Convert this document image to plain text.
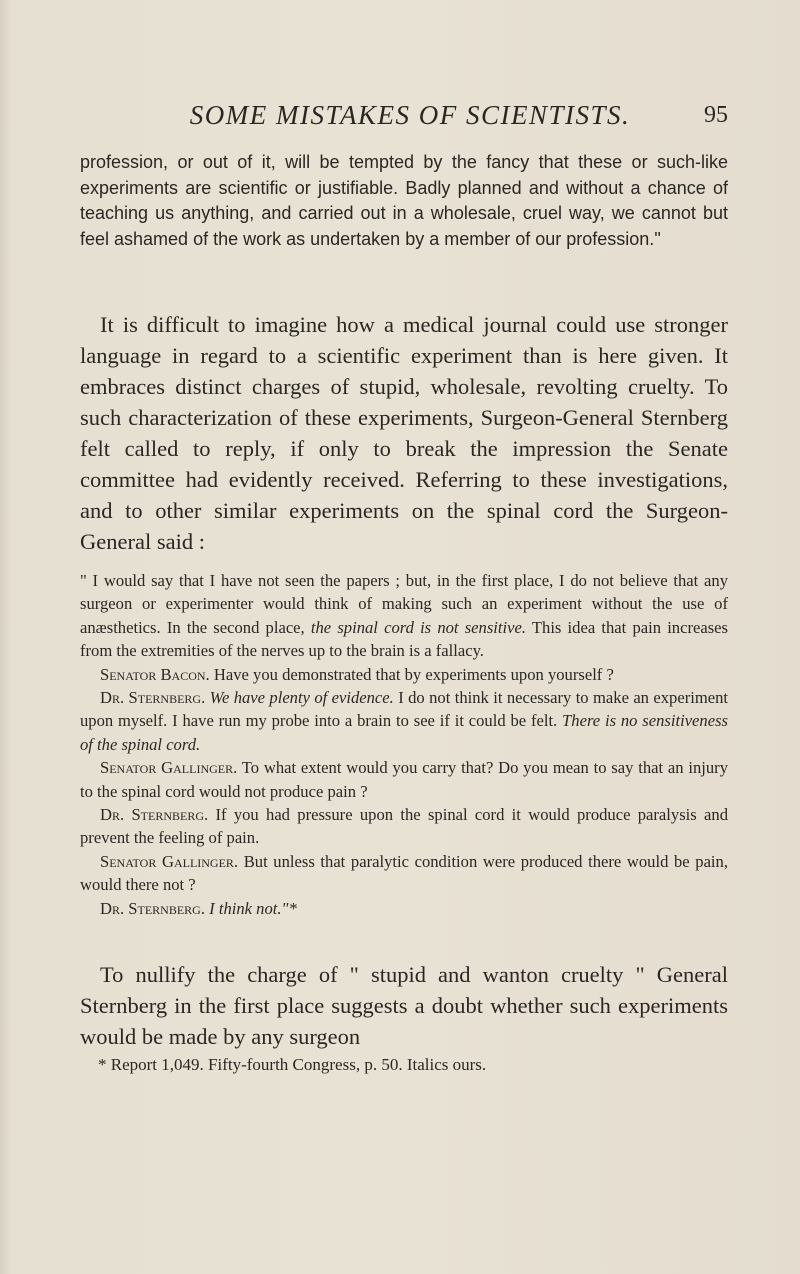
SOME MISTAKES OF SCIENTISTS.	95
profession, or out of it, will be tempted by the fancy that these or such-like experiments are scientific or justifiable. Badly planned and without a chance of teaching us anything, and carried out in a wholesale, cruel way, we cannot but feel ashamed of the work as undertaken by a member of our profession."
It is difficult to imagine how a medical journal could use stronger language in regard to a scientific experiment than is here given. It embraces distinct charges of stupid, wholesale, revolting cruelty. To such characterization of these experiments, Surgeon-General Sternberg felt called to reply, if only to break the impression the Senate committee had evidently received. Referring to these investigations, and to other similar experiments on the spinal cord the Surgeon-General said :

" I would say that I have not seen the papers ; but, in the first place, I do not believe that any surgeon or experimenter would think of making such an experiment without the use of anæsthetics. In the second place, the spinal cord is not sensitive. This idea that pain increases from the extremities of the nerves up to the brain is a fallacy.

Senator Bacon. Have you demonstrated that by experiments upon yourself ?

Dr. Sternberg. We have plenty of evidence. I do not think it necessary to make an experiment upon myself. I have run my probe into a brain to see if it could be felt. There is no sensitiveness of the spinal cord.

Senator Gallinger. To what extent would you carry that? Do you mean to say that an injury to the spinal cord would not produce pain ?

Dr. Sternberg. If you had pressure upon the spinal cord it would produce paralysis and prevent the feeling of pain.

Senator Gallinger. But unless that paralytic condition were produced there would be pain, would there not ?

Dr. Sternberg. I think not."*

To nullify the charge of " stupid and wanton cruelty " General Sternberg in the first place suggests a doubt whether such experiments would be made by any surgeon
* Report 1,049. Fifty-fourth Congress, p. 50. Italics ours.
